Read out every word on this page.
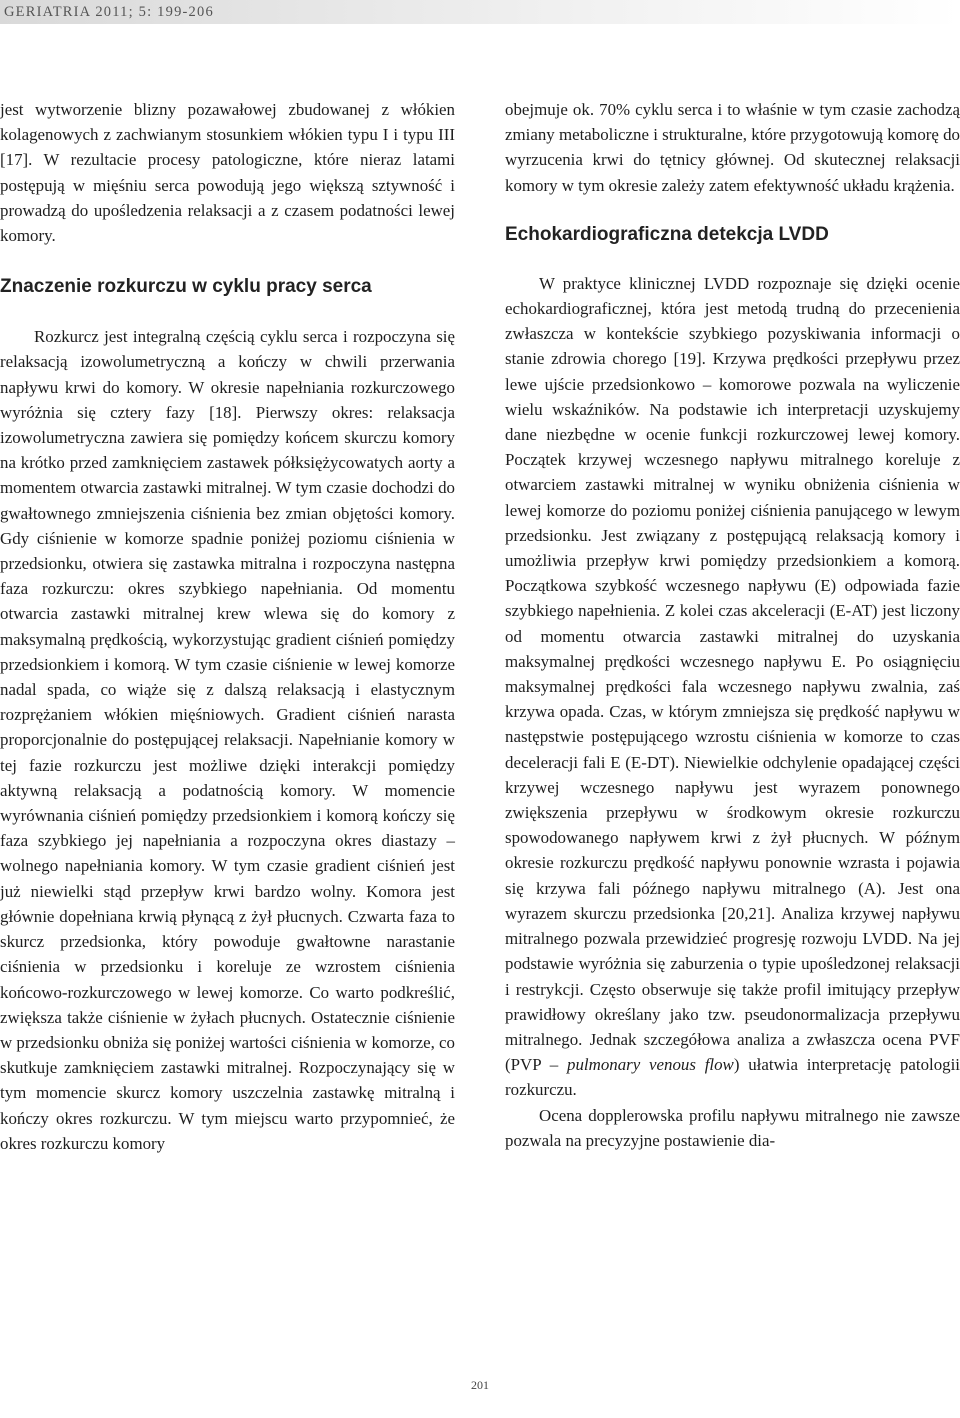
GERIATRIA 2011; 5: 199-206

jest wytworzenie blizny pozawałowej zbudowanej z włókien kolagenowych z zachwianym stosunkiem włókien typu I i typu III [17]. W rezultacie procesy patologiczne, które nieraz latami postępują w mięśniu serca powodują jego większą sztywność i prowadzą do upośledzenia relaksacji a z czasem podatności lewej komory.

Znaczenie rozkurczu w cyklu pracy serca

Rozkurcz jest integralną częścią cyklu serca i rozpoczyna się relaksacją izowolumetryczną a kończy w chwili przerwania napływu krwi do komory. W okresie napełniania rozkurczowego wyróżnia się cztery fazy [18]. Pierwszy okres: relaksacja izowolumetryczna zawiera się pomiędzy końcem skurczu komory na krótko przed zamknięciem zastawek półksiężycowatych aorty a momentem otwarcia zastawki mitralnej. W tym czasie dochodzi do gwałtownego zmniejszenia ciśnienia bez zmian objętości komory. Gdy ciśnienie w komorze spadnie poniżej poziomu ciśnienia w przedsionku, otwiera się zastawka mitralna i rozpoczyna następna faza rozkurczu: okres szybkiego napełniania. Od momentu otwarcia zastawki mitralnej krew wlewa się do komory z maksymalną prędkością, wykorzystując gradient ciśnień pomiędzy przedsionkiem i komorą. W tym czasie ciśnienie w lewej komorze nadal spada, co wiąże się z dalszą relaksacją i elastycznym rozprężaniem włókien mięśniowych. Gradient ciśnień narasta proporcjonalnie do postępującej relaksacji. Napełnianie komory w tej fazie rozkurczu jest możliwe dzięki interakcji pomiędzy aktywną relaksacją a podatnością komory. W momencie wyrównania ciśnień pomiędzy przedsionkiem i komorą kończy się faza szybkiego jej napełniania a rozpoczyna okres diastazy – wolnego napełniania komory. W tym czasie gradient ciśnień jest już niewielki stąd przepływ krwi bardzo wolny. Komora jest głównie dopełniana krwią płynącą z żył płucnych. Czwarta faza to skurcz przedsionka, który powoduje gwałtowne narastanie ciśnienia w przedsionku i koreluje ze wzrostem ciśnienia końcowo-rozkurczowego w lewej komorze. Co warto podkreślić, zwiększa także ciśnienie w żyłach płucnych. Ostatecznie ciśnienie w przedsionku obniża się poniżej wartości ciśnienia w komorze, co skutkuje zamknięciem zastawki mitralnej. Rozpoczynający się w tym momencie skurcz komory uszczelnia zastawkę mitralną i kończy okres rozkurczu. W tym miejscu warto przypomnieć, że okres rozkurczu komory

obejmuje ok. 70% cyklu serca i to właśnie w tym czasie zachodzą zmiany metaboliczne i strukturalne, które przygotowują komorę do wyrzucenia krwi do tętnicy głównej. Od skutecznej relaksacji komory w tym okresie zależy zatem efektywność układu krążenia.

Echokardiograficzna detekcja LVDD

W praktyce klinicznej LVDD rozpoznaje się dzięki ocenie echokardiograficznej, która jest metodą trudną do przecenienia zwłaszcza w kontekście szybkiego pozyskiwania informacji o stanie zdrowia chorego [19]. Krzywa prędkości przepływu przez lewe ujście przedsionkowo – komorowe pozwala na wyliczenie wielu wskaźników. Na podstawie ich interpretacji uzyskujemy dane niezbędne w ocenie funkcji rozkurczowej lewej komory. Początek krzywej wczesnego napływu mitralnego koreluje z otwarciem zastawki mitralnej w wyniku obniżenia ciśnienia w lewej komorze do poziomu poniżej ciśnienia panującego w lewym przedsionku. Jest związany z postępującą relaksacją komory i umożliwia przepływ krwi pomiędzy przedsionkiem a komorą. Początkowa szybkość wczesnego napływu (E) odpowiada fazie szybkiego napełnienia. Z kolei czas akceleracji (E-AT) jest liczony od momentu otwarcia zastawki mitralnej do uzyskania maksymalnej prędkości wczesnego napływu E. Po osiągnięciu maksymalnej prędkości fala wczesnego napływu zwalnia, zaś krzywa opada. Czas, w którym zmniejsza się prędkość napływu w następstwie postępującego wzrostu ciśnienia w komorze to czas deceleracji fali E (E-DT). Niewielkie odchylenie opadającej części krzywej wczesnego napływu jest wyrazem ponownego zwiększenia przepływu w środkowym okresie rozkurczu spowodowanego napływem krwi z żył płucnych. W późnym okresie rozkurczu prędkość napływu ponownie wzrasta i pojawia się krzywa fali późnego napływu mitralnego (A). Jest ona wyrazem skurczu przedsionka [20,21]. Analiza krzywej napływu mitralnego pozwala przewidzieć progresję rozwoju LVDD. Na jej podstawie wyróżnia się zaburzenia o typie upośledzonej relaksacji i restrykcji. Często obserwuje się także profil imitujący przepływ prawidłowy określany jako tzw. pseudonormalizacja przepływu mitralnego. Jednak szczegółowa analiza a zwłaszcza ocena PVF (PVP – pulmonary venous flow) ułatwia interpretację patologii rozkurczu.

Ocena dopplerowska profilu napływu mitralnego nie zawsze pozwala na precyzyjne postawienie dia-

201
